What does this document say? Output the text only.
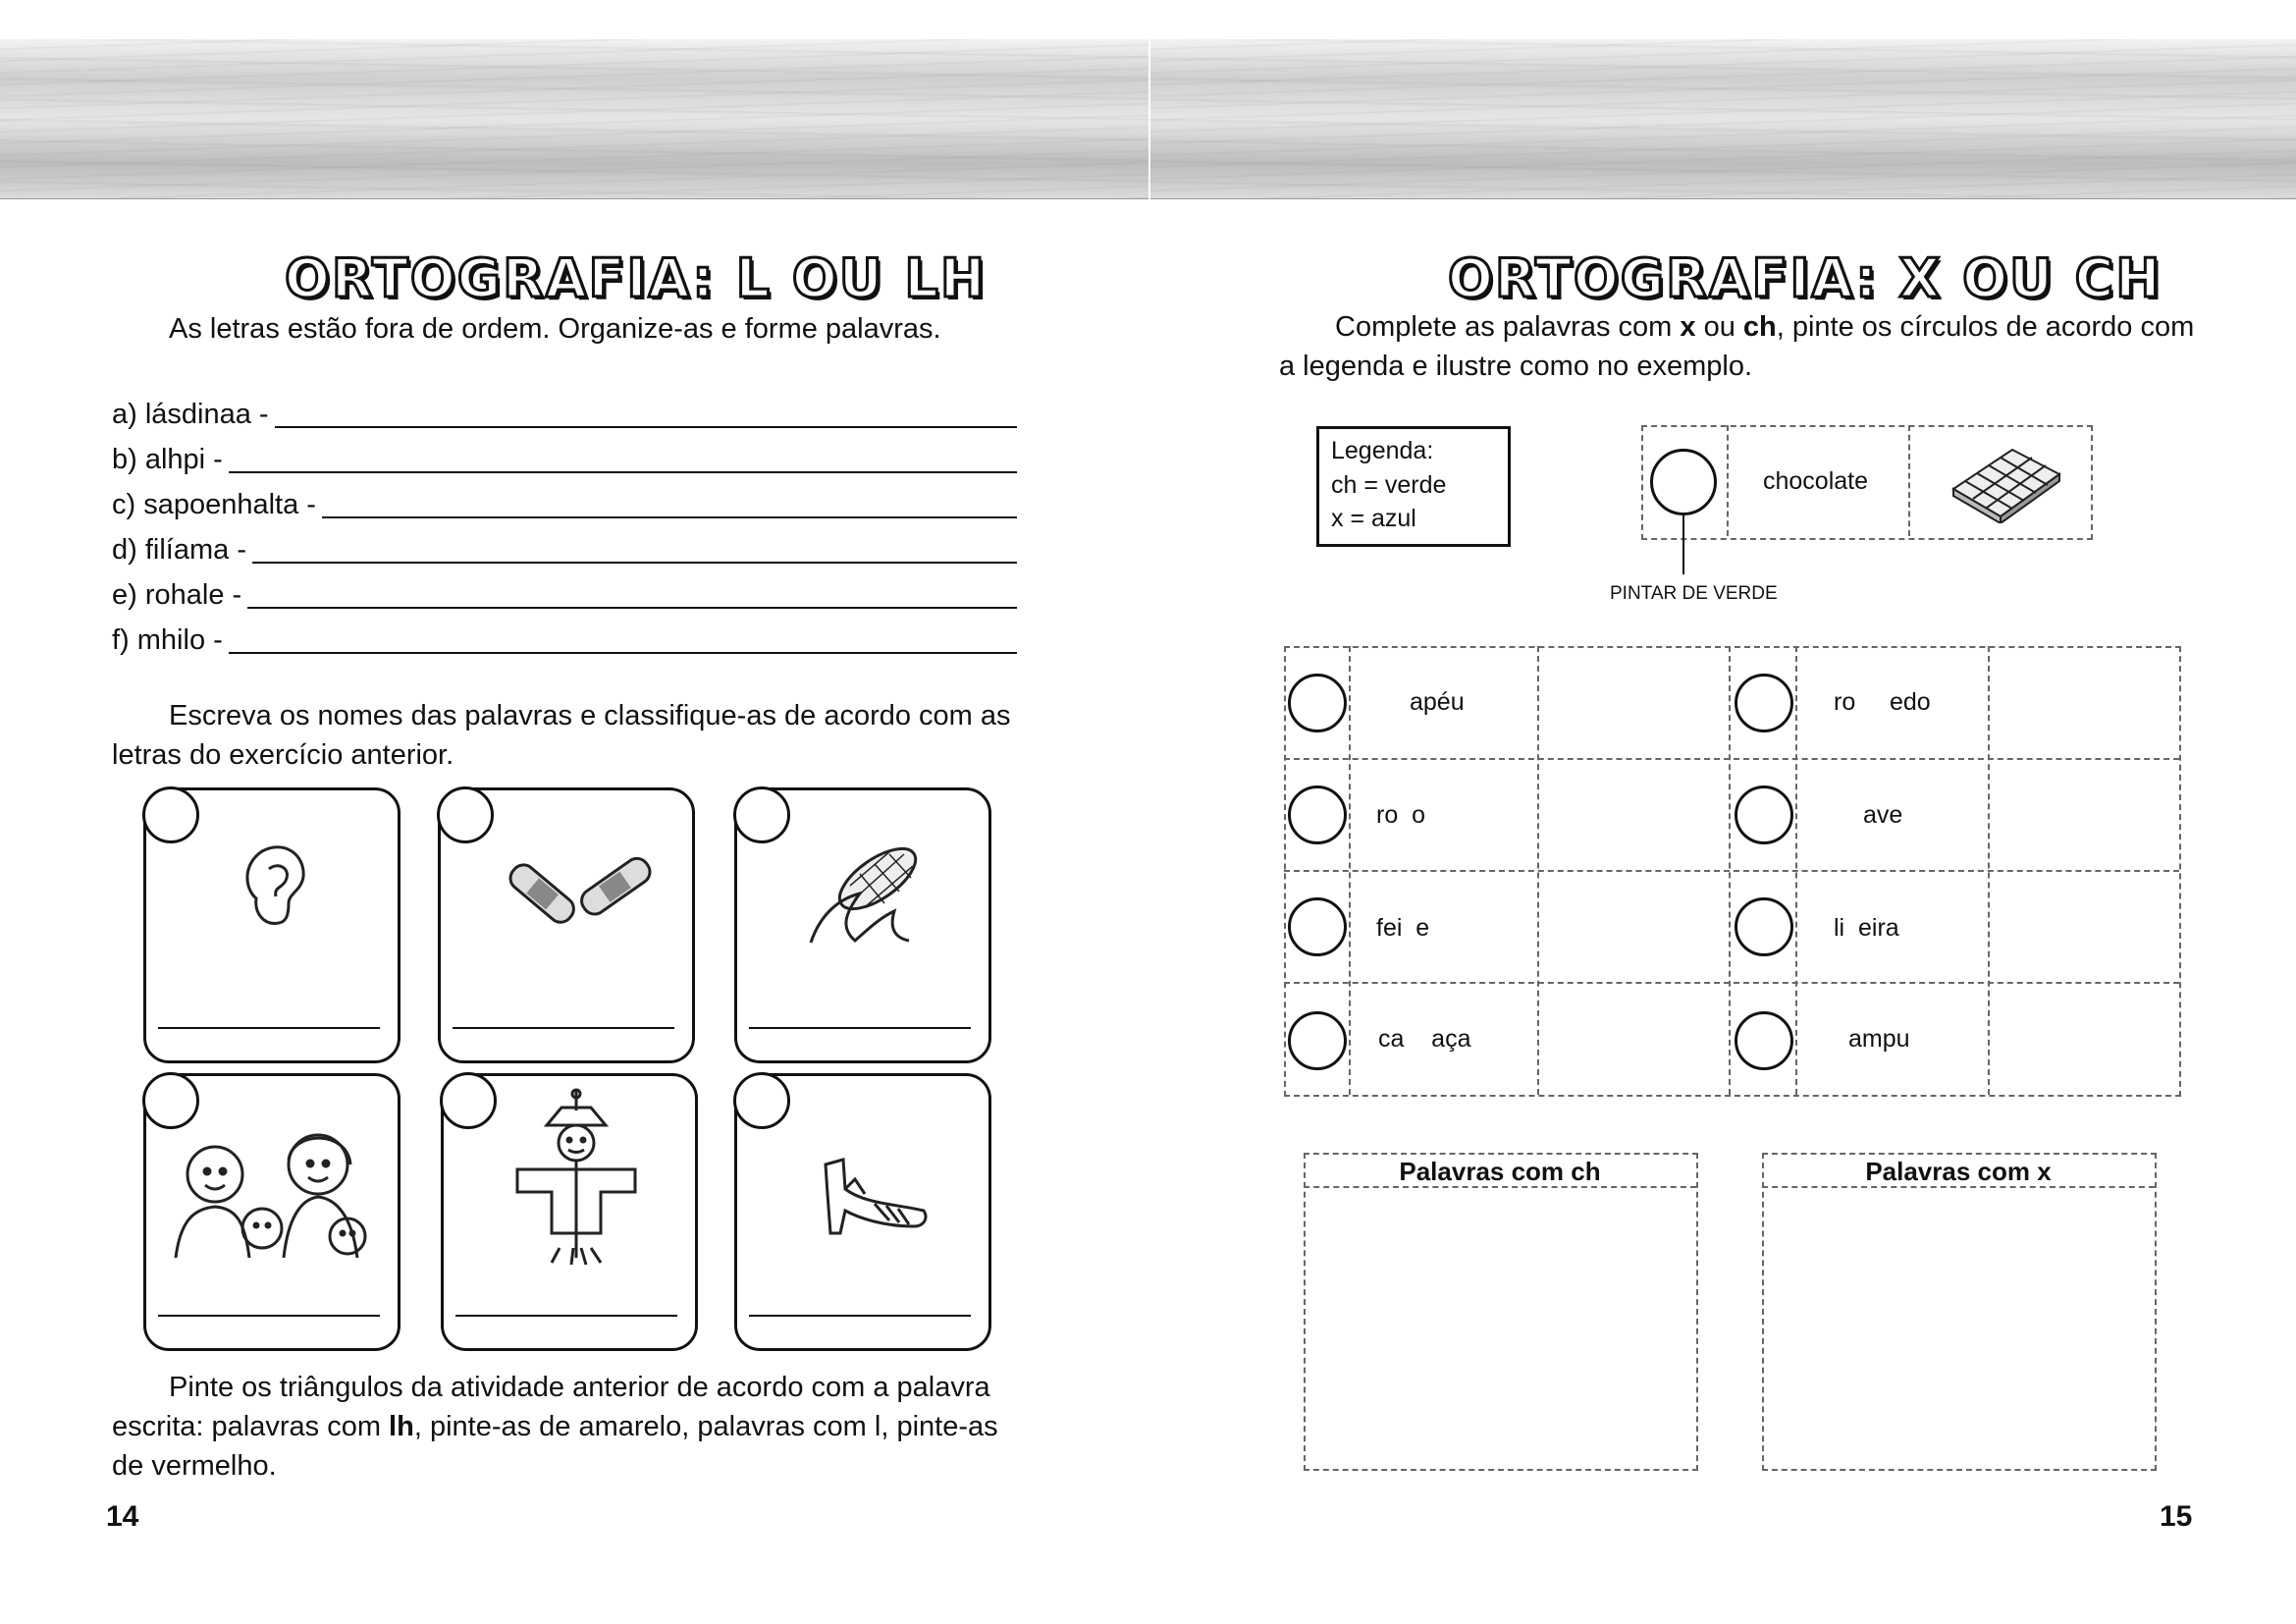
ORTOGRAFIA: L OU LH
As letras estão fora de ordem. Organize-as e forme palavras.
a) lásdinaa -
b) alhpi -
c) sapoenhalta -
d) filíama -
e) rohale -
f) mhilo -
Escreva os nomes das palavras e classifique-as de acordo com as
letras do exercício anterior.
Pinte os triângulos da atividade anterior de acordo com a palavra
escrita: palavras com lh, pinte-as de amarelo, palavras com l, pinte-as
de vermelho.
14
ORTOGRAFIA: X OU CH
Complete as palavras com x ou ch, pinte os círculos de acordo com
a legenda e ilustre como no exemplo.
Legenda:
ch = verde
x = azul
chocolate
PINTAR DE VERDE
apéu
ro  o
fei  e
ca    aça
ro     edo
ave
li  eira
ampu
Palavras com ch	Palavras com x
15
